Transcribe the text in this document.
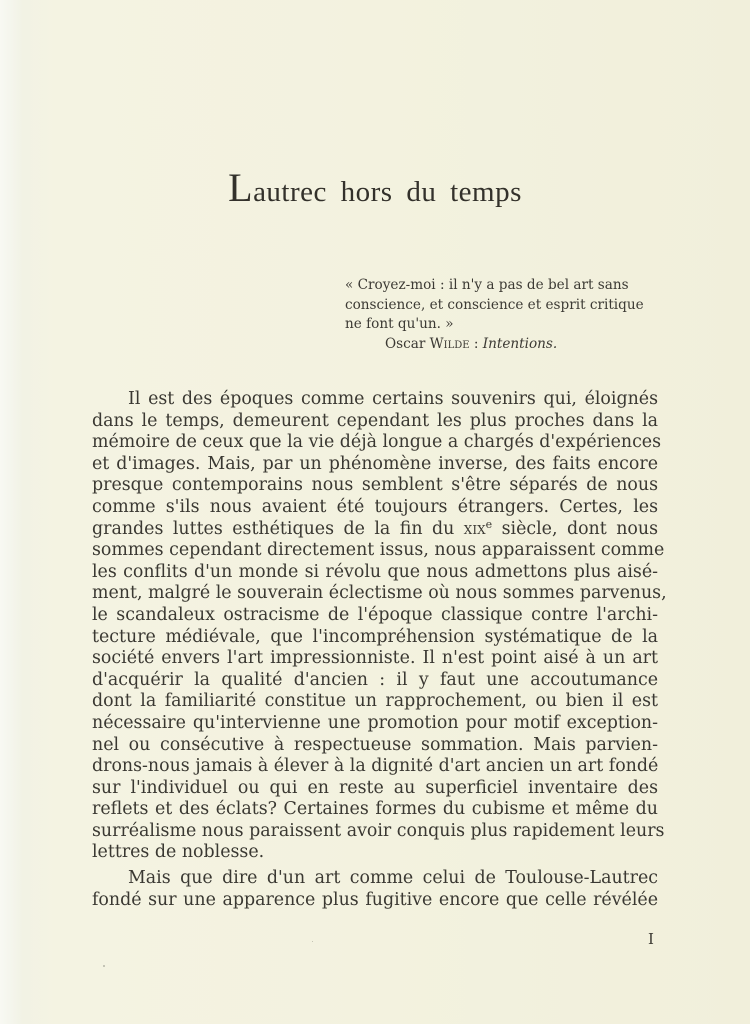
Lautrec hors du temps
« Croyez-moi : il n'y a pas de bel art sans
conscience, et conscience et esprit critique
ne font qu'un. »
Oscar Wilde : Intentions.
Il est des époques comme certains souvenirs qui, éloignés
dans le temps, demeurent cependant les plus proches dans la
mémoire de ceux que la vie déjà longue a chargés d'expériences
et d'images. Mais, par un phénomène inverse, des faits encore
presque contemporains nous semblent s'être séparés de nous
comme s'ils nous avaient été toujours étrangers. Certes, les
grandes luttes esthétiques de la fin du xix$^e$ siècle, dont nous
sommes cependant directement issus, nous apparaissent comme
les conflits d'un monde si révolu que nous admettons plus aisé-
ment, malgré le souverain éclectisme où nous sommes parvenus,
le scandaleux ostracisme de l'époque classique contre l'archi-
tecture médiévale, que l'incompréhension systématique de la
société envers l'art impressionniste. Il n'est point aisé à un art
d'acquérir la qualité d'ancien : il y faut une accoutumance
dont la familiarité constitue un rapprochement, ou bien il est
nécessaire qu'intervienne une promotion pour motif exception-
nel ou consécutive à respectueuse sommation. Mais parvien-
drons-nous jamais à élever à la dignité d'art ancien un art fondé
sur l'individuel ou qui en reste au superficiel inventaire des
reflets et des éclats? Certaines formes du cubisme et même du
surréalisme nous paraissent avoir conquis plus rapidement leurs
lettres de noblesse.
Mais que dire d'un art comme celui de Toulouse-Lautrec
fondé sur une apparence plus fugitive encore que celle révélée
I
